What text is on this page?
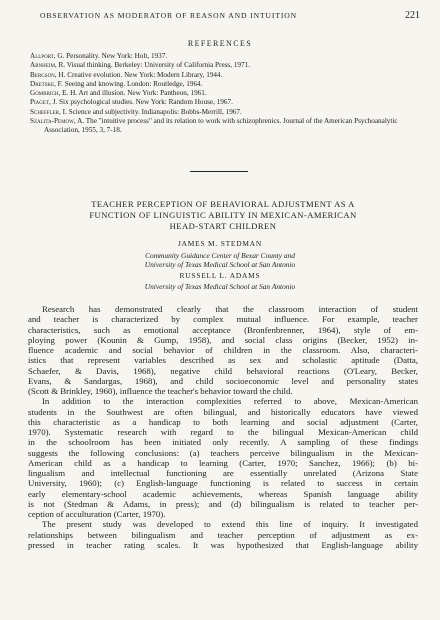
OBSERVATION AS MODERATOR OF REASON AND INTUITION	221
REFERENCES
Allport, G. Personality. New York: Holt, 1937.
Arnheim, R. Visual thinking. Berkeley: University of California Press, 1971.
Bergson, H. Creative evolution. New York: Modern Library, 1944.
Dretske, F. Seeing and knowing. London: Routledge, 1964.
Gombrich, E. H. Art and illusion. New York: Pantheon, 1961.
Piaget, J. Six psychological studies. New York: Random House, 1967.
Scheffler, I. Science and subjectivity. Indianapolis: Bobbs-Merrill, 1967.
Szalita-Pemow, A. The "intuitive process" and its relation to work with schizophrenics. Journal of the American Psychoanalytic Association, 1955, 3, 7-18.
TEACHER PERCEPTION OF BEHAVIORAL ADJUSTMENT AS A
FUNCTION OF LINGUISTIC ABILITY IN MEXICAN-AMERICAN
HEAD-START CHILDREN
JAMES M. STEDMAN
Community Guidance Center of Bexar County and
University of Texas Medical School at San Antonio
RUSSELL L. ADAMS
University of Texas Medical School at San Antonio
Research has demonstrated clearly that the classroom interaction of student
and teacher is characterized by complex mutual influence. For example, teacher
characteristics, such as emotional acceptance (Bronfenbrenner, 1964), style of em-
ploying power (Kounin & Gump, 1958), and social class origins (Becker, 1952) in-
fluence academic and social behavior of children in the classroom. Also, characteri-
istics that represent variables described as sex and scholastic aptitude (Datta,
Schaefer, & Davis, 1968), negative child behavioral reactions (O'Leary, Becker,
Evans, & Sandargas, 1968), and child socioeconomic level and personality states
(Scott & Brinkley, 1960), influence the teacher's behavior toward the child.
In addition to the interaction complexities referred to above, Mexican-American
students in the Southwest are often bilingual, and historically educators have viewed
this characteristic as a handicap to both learning and social adjustment (Carter,
1970). Systematic research with regard to the bilingual Mexican-American child
in the schoolroom has been initiated only recently. A sampling of these findings
suggests the following conclusions: (a) teachers perceive bilingualism in the Mexican-
American child as a handicap to learning (Carter, 1970; Sanchez, 1966); (b) bi-
lingualism and intellectual functioning are essentially unrelated (Arizona State
University, 1960); (c) English-language functioning is related to success in certain
early elementary-school academic achievements, whereas Spanish language ability
is not (Stedman & Adams, in press); and (d) bilingualism is related to teacher per-
ception of acculturation (Carter, 1970).
The present study was developed to extend this line of inquiry. It investigated
relationships between bilingualism and teacher perception of adjustment as ex-
pressed in teacher rating scales. It was hypothesized that English-language ability
